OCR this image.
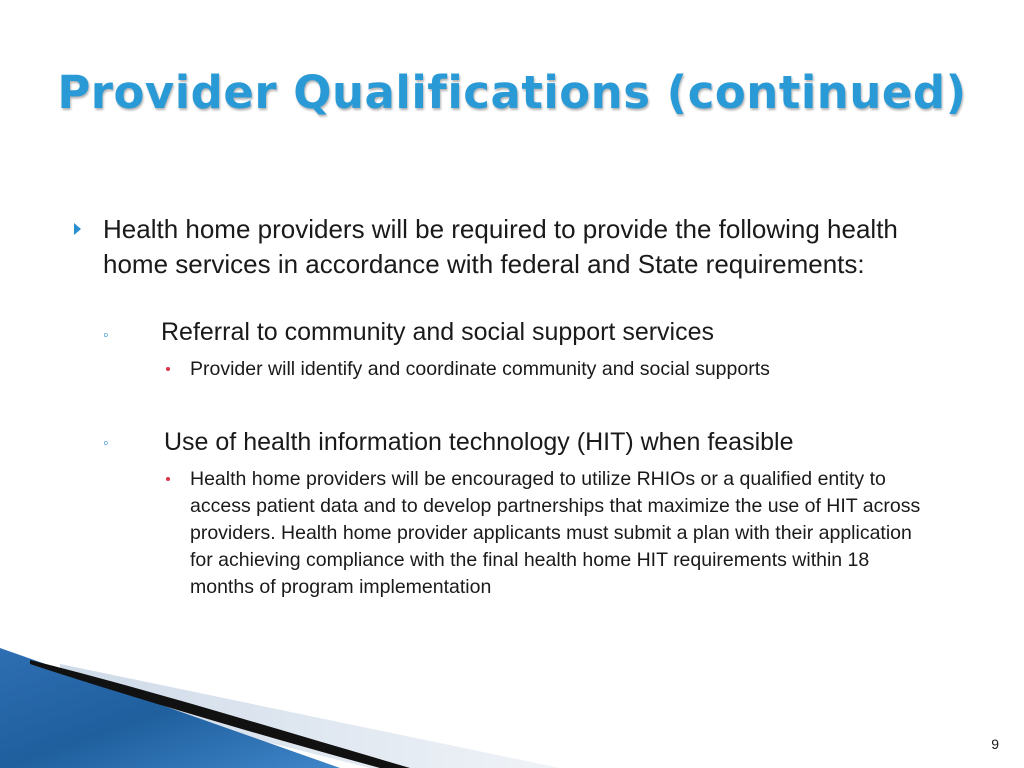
Provider Qualifications (continued)
Health home providers will be required to provide the following health home services in accordance with federal and State requirements:
◦ Referral to community and social support services
Provider will identify and coordinate community and social supports
◦ Use of health information technology (HIT) when feasible
Health home providers will be encouraged to utilize RHIOs or a qualified entity to access patient data and to develop partnerships that maximize the use of HIT across providers. Health home provider applicants must submit a plan with their application for achieving compliance with the final health home HIT requirements within 18 months of program implementation
9
